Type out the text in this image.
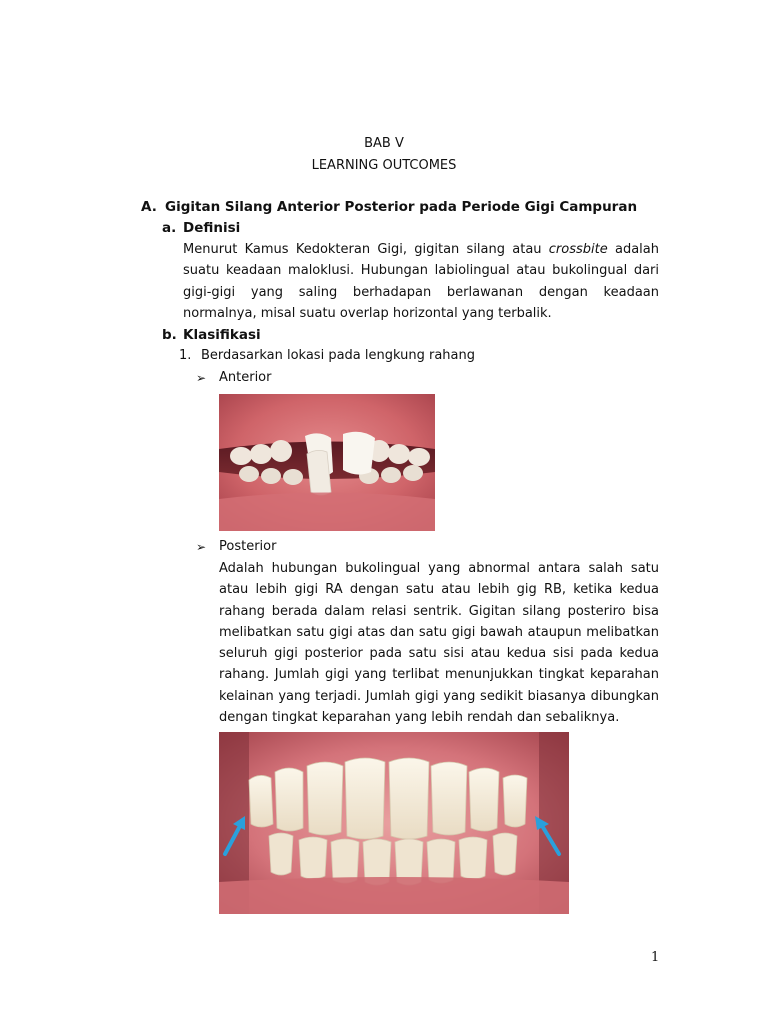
BAB V
LEARNING OUTCOMES
A. Gigitan Silang Anterior Posterior pada Periode Gigi Campuran
a. Definisi
Menurut Kamus Kedokteran Gigi, gigitan silang atau crossbite adalah
suatu keadaan maloklusi. Hubungan labiolingual atau bukolingual dari
gigi-gigi yang saling berhadapan berlawanan dengan keadaan
normalnya, misal suatu overlap horizontal yang terbalik.
b. Klasifikasi
1. Berdasarkan lokasi pada lengkung rahang
➢ Anterior
➢ Posterior
Adalah hubungan bukolingual yang abnormal antara salah satu
atau lebih gigi RA dengan satu atau lebih gig RB, ketika kedua
rahang berada dalam relasi sentrik. Gigitan silang posteriro bisa
melibatkan satu gigi atas dan satu gigi bawah ataupun melibatkan
seluruh gigi posterior pada satu sisi atau kedua sisi pada kedua
rahang. Jumlah gigi yang terlibat menunjukkan tingkat keparahan
kelainan yang terjadi. Jumlah gigi yang sedikit biasanya dibungkan
dengan tingkat keparahan yang lebih rendah dan sebaliknya.
1
